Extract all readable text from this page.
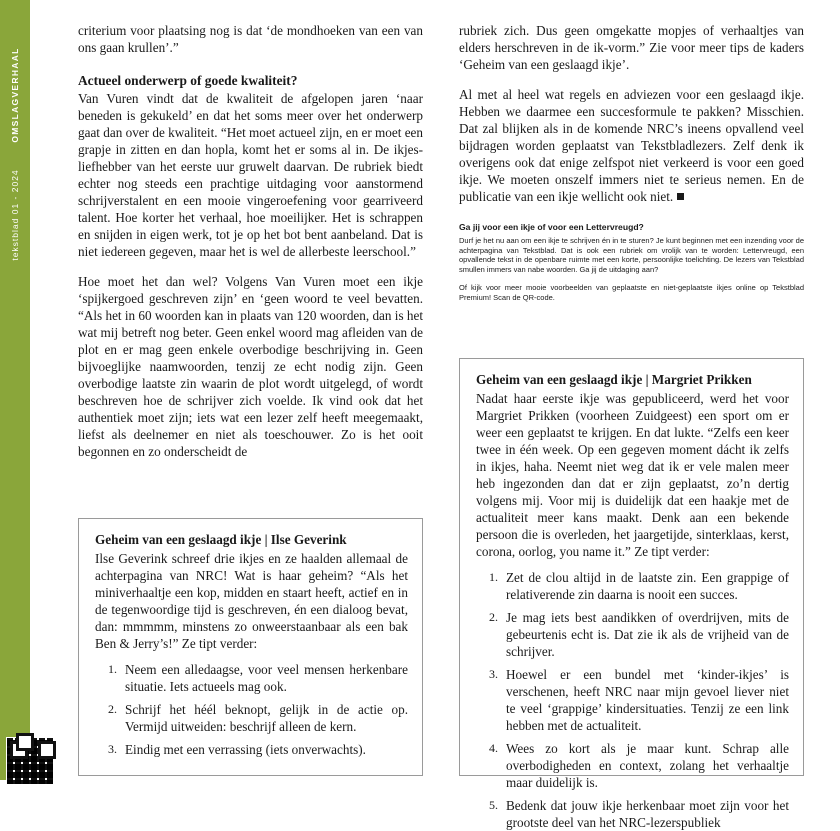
OMSLAGVERHAAL
tekstblad 01 - 2024

criterium voor plaatsing nog is dat ‘de mondhoeken van een van ons gaan krullen’.”

Actueel onderwerp of goede kwaliteit?

Van Vuren vindt dat de kwaliteit de afgelopen jaren ‘naar beneden is gekukeld’ en dat het soms meer over het onderwerp gaat dan over de kwaliteit. “Het moet actueel zijn, en er moet een grapje in zitten en dan hopla, komt het er soms al in. De ikjes-liefhebber van het eerste uur gruwelt daarvan. De rubriek biedt echter nog steeds een prachtige uitdaging voor aanstormend schrijverstalent en een mooie vingeroefening voor gearriveerd talent. Hoe korter het verhaal, hoe moeilijker. Het is schrappen en snijden in eigen werk, tot je op het bot bent aanbeland. Dat is niet iedereen gegeven, maar het is wel de allerbeste leerschool.”

Hoe moet het dan wel? Volgens Van Vuren moet een ikje ‘spijkergoed geschreven zijn’ en ‘geen woord te veel bevatten. “Als het in 60 woorden kan in plaats van 120 woorden, dan is het wat mij betreft nog beter. Geen enkel woord mag afleiden van de plot en er mag geen enkele overbodige beschrijving in. Geen bijvoeglijke naamwoorden, tenzij ze echt nodig zijn. Geen overbodige laatste zin waarin de plot wordt uitgelegd, of wordt beschreven hoe de schrijver zich voelde. Ik vind ook dat het authentiek moet zijn; iets wat een lezer zelf heeft meegemaakt, liefst als deelnemer en niet als toeschouwer. Zo is het ooit begonnen en zo onderscheidt de

rubriek zich. Dus geen omgekatte mopjes of verhaaltjes van elders herschreven in de ik-vorm.” Zie voor meer tips de kaders ‘Geheim van een geslaagd ikje’.

Al met al heel wat regels en adviezen voor een geslaagd ikje. Hebben we daarmee een succesformule te pakken? Misschien. Dat zal blijken als in de komende NRC’s ineens opvallend veel bijdragen worden geplaatst van Tekstbladlezers. Zelf denk ik overigens ook dat enige zelfspot niet verkeerd is voor een goed ikje. We moeten onszelf immers niet te serieus nemen. En de publicatie van een ikje wellicht ook niet.

Ga jij voor een ikje of voor een Lettervreugd?

Durf je het nu aan om een ikje te schrijven én in te sturen? Je kunt beginnen met een inzending voor de achterpagina van Tekstblad. Dat is ook een rubriek om vrolijk van te worden: Lettervreugd, een opvallende tekst in de openbare ruimte met een korte, persoonlijke toelichting. De lezers van Tekstblad smullen immers van nabe woorden. Ga jij de uitdaging aan?

Of kijk voor meer mooie voorbeelden van geplaatste en niet-geplaatste ikjes online op Tekstblad Premium! Scan de QR-code.

Geheim van een geslaagd ikje | Ilse Geverink

Ilse Geverink schreef drie ikjes en ze haalden allemaal de achterpagina van NRC! Wat is haar geheim? “Als het miniverhaaltje een kop, midden en staart heeft, actief en in de tegenwoordige tijd is geschreven, én een dialoog bevat, dan: mmmmm, minstens zo onweerstaanbaar als een bak Ben & Jerry’s!” Ze tipt verder:

1. Neem een alledaagse, voor veel mensen herkenbare situatie. Iets actueels mag ook.
2. Schrijf het héél beknopt, gelijk in de actie op. Vermijd uitweiden: beschrijf alleen de kern.
3. Eindig met een verrassing (iets onverwachts).
Geheim van een geslaagd ikje | Margriet Prikken

Nadat haar eerste ikje was gepubliceerd, werd het voor Margriet Prikken (voorheen Zuidgeest) een sport om er weer een geplaatst te krijgen. En dat lukte. “Zelfs een keer twee in één week. Op een gegeven moment dácht ik zelfs in ikjes, haha. Neemt niet weg dat ik er vele malen meer heb ingezonden dan dat er zijn geplaatst, zo’n dertig volgens mij. Voor mij is duidelijk dat een haakje met de actualiteit meer kans maakt. Denk aan een bekende persoon die is overleden, het jaargetijde, sinterklaas, kerst, corona, oorlog, you name it.” Ze tipt verder:

1. Zet de clou altijd in de laatste zin. Een grappige of relativerende zin daarna is nooit een succes.
2. Je mag iets best aandikken of overdrijven, mits de gebeurtenis echt is. Dat zie ik als de vrijheid van de schrijver.
3. Hoewel er een bundel met ‘kinder-ikjes’ is verschenen, heeft NRC naar mijn gevoel liever niet te veel ‘grappige’ kindersituaties. Tenzij ze een link hebben met de actualiteit.
4. Wees zo kort als je maar kunt. Schrap alle overbodigheden en context, zolang het verhaaltje maar duidelijk is.
5. Bedenk dat jouw ikje herkenbaar moet zijn voor het grootste deel van het NRC-lezerspubliek
